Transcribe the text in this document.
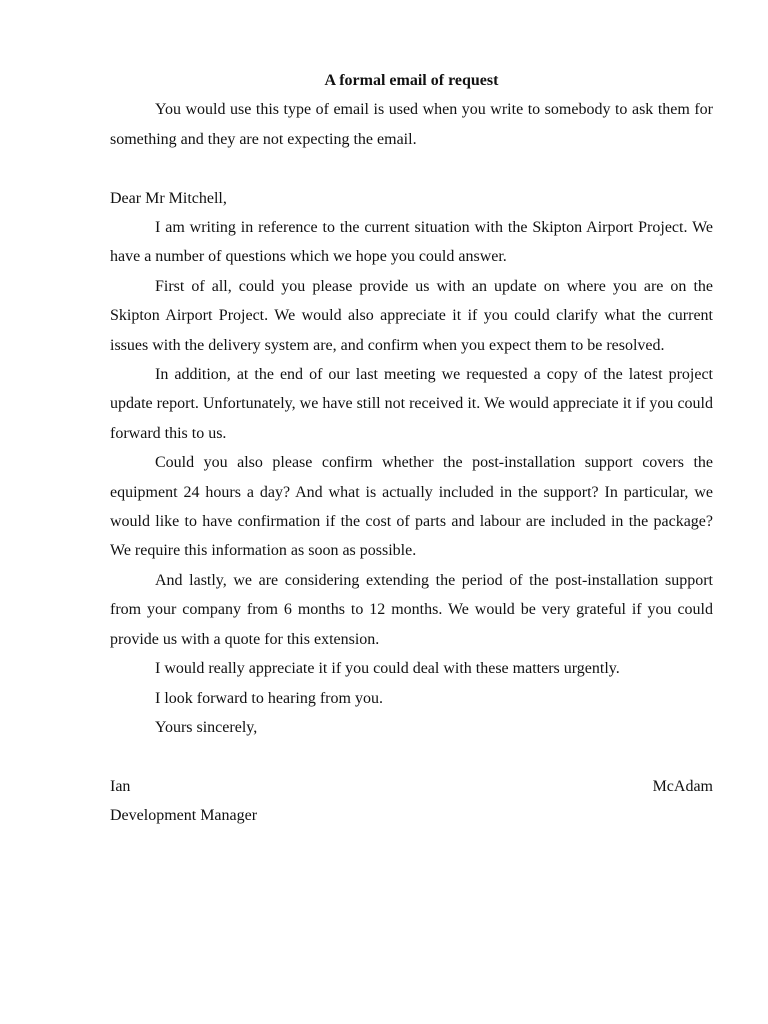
A formal email of request

You would use this type of email is used when you write to somebody to ask them for something and they are not expecting the email.

Dear Mr Mitchell,

I am writing in reference to the current situation with the Skipton Airport Project. We have a number of questions which we hope you could answer.

First of all, could you please provide us with an update on where you are on the Skipton Airport Project. We would also appreciate it if you could clarify what the current issues with the delivery system are, and confirm when you expect them to be resolved.

In addition, at the end of our last meeting we requested a copy of the latest project update report. Unfortunately, we have still not received it. We would appreciate it if you could forward this to us.

Could you also please confirm whether the post-installation support covers the equipment 24 hours a day? And what is actually included in the support? In particular, we would like to have confirmation if the cost of parts and labour are included in the package? We require this information as soon as possible.

And lastly, we are considering extending the period of the post-installation support from your company from 6 months to 12 months. We would be very grateful if you could provide us with a quote for this extension.

I would really appreciate it if you could deal with these matters urgently.

I look forward to hearing from you.

Yours sincerely,

Ian	McAdam

Development Manager
